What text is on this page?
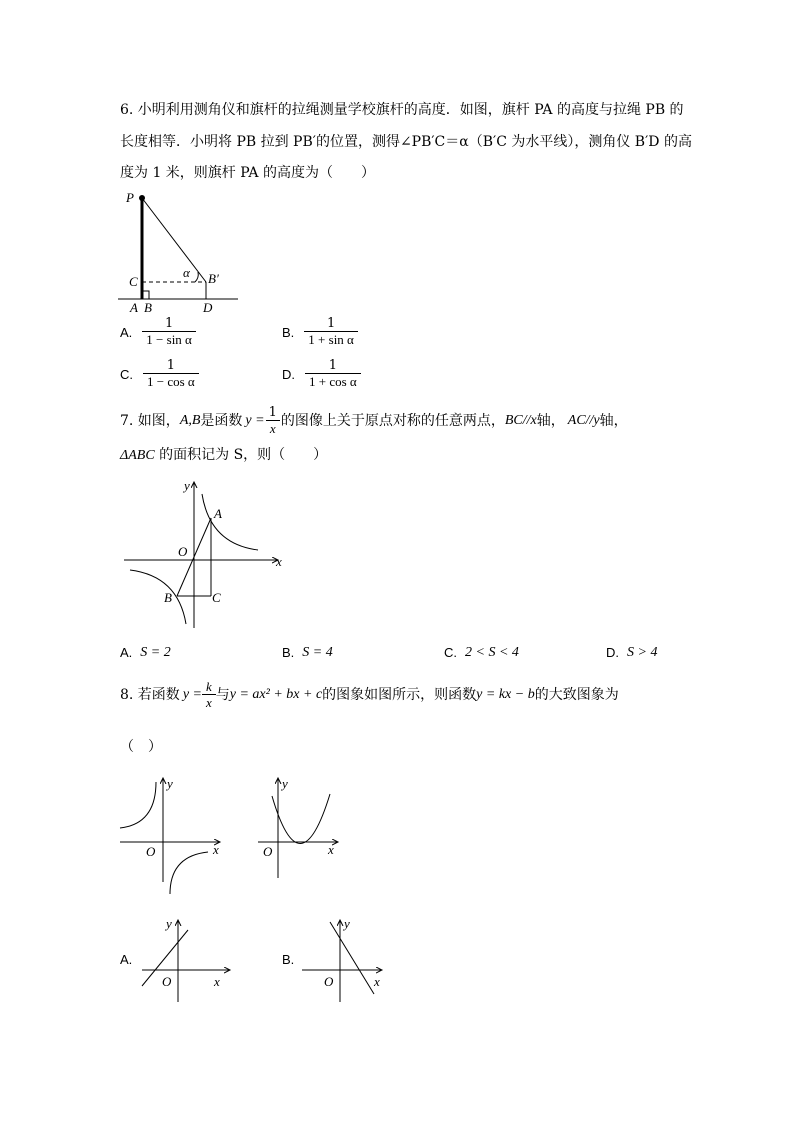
6. 小明利用测角仪和旗杆的拉绳测量学校旗杆的高度．如图，旗杆 PA 的高度与拉绳 PB 的
长度相等．小明将 PB 拉到 PB′的位置，测得∠PB′C＝α（B′C 为水平线），测角仪 B′D 的高
度为 1 米，则旗杆 PA 的高度为（　　）
P
C
A B
B′
D
α
A. $\frac{1}{\text{1 − sin α}}$	B. $\frac{1}{\text{1 + sin α}}$
C. $\frac{1}{\text{1 − cos α}}$	D. $\frac{1}{\text{1 + cos α}}$
7. 如图， A,B 是函数 $y = \frac{1}{x}$ 的图像上关于原点对称的任意两点， BC//x 轴， AC//y 轴，
ΔABC 的面积记为 S，则（　　）
y
x
O
A
B	C
A. S = 2	B. S = 4	C. 2 < S < 4	D. S > 4
8. 若函数 $y = \frac{k}{x}$ 与 y = ax² + bx + c 的图象如图所示，则函数 y = kx − b 的大致图象为
（　）
y
x
O
y
x
O
A.
y
x
O
B.
y
x
O
